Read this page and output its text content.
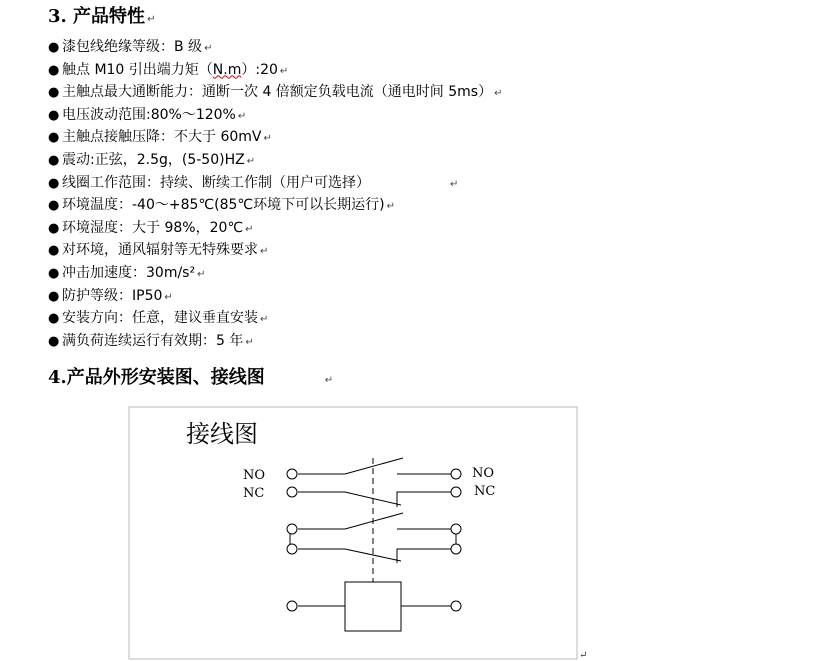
3. 产品特性 ↵
● 漆包线绝缘等级：B 级 ↵
● 触点 M10 引出端力矩（N.m）:20 ↵
● 主触点最大通断能力：通断一次 4 倍额定负载电流（通电时间 5ms） ↵
● 电压波动范围:80%～120% ↵
● 主触点接触压降：不大于 60mV ↵
● 震动:正弦，2.5g，(5-50)HZ ↵
● 线圈工作范围：持续、断续工作制（用户可选择）	↵
● 环境温度：-40～+85℃(85℃环境下可以长期运行) ↵
● 环境湿度：大于 98%，20℃ ↵
● 对环境，通风辐射等无特殊要求 ↵
● 冲击加速度：30m/s² ↵
● 防护等级：IP50 ↵
● 安装方向：任意，建议垂直安装 ↵
● 满负荷连续运行有效期：5 年 ↵
4.产品外形安装图、接线图	↵
接线图
NO
NC
NO
NC
↵
